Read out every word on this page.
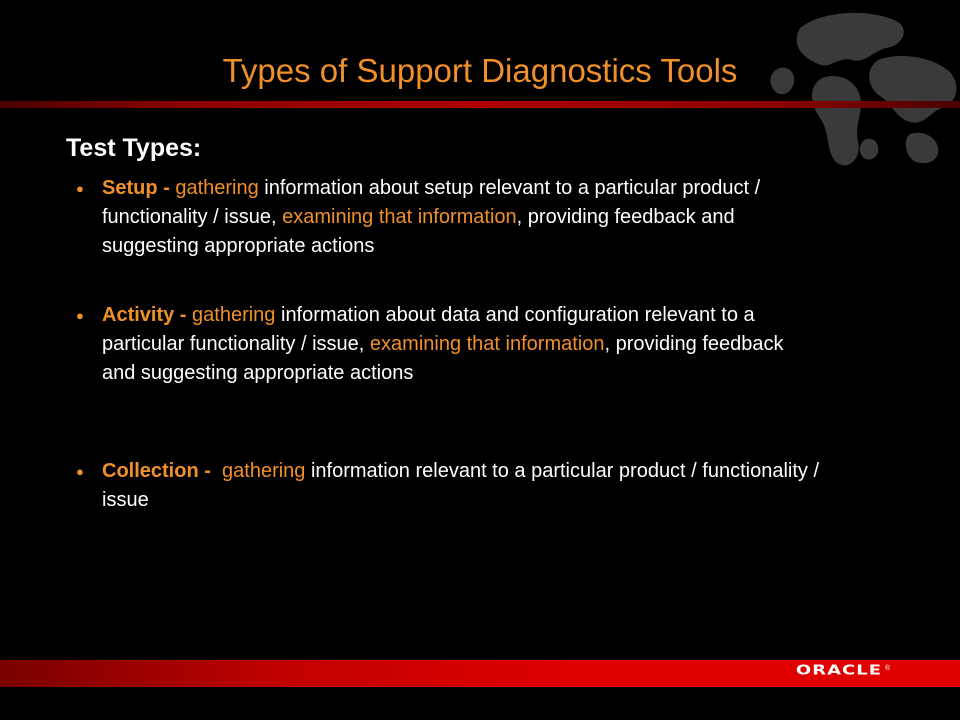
Types of Support Diagnostics Tools
Test Types:
● Setup - gathering information about setup relevant to a particular product / functionality / issue, examining that information, providing feedback and suggesting appropriate actions
● Activity - gathering information about data and configuration relevant to a particular functionality / issue, examining that information, providing feedback and suggesting appropriate actions
● Collection -  gathering information relevant to a particular product / functionality / issue
ORACLE ®
